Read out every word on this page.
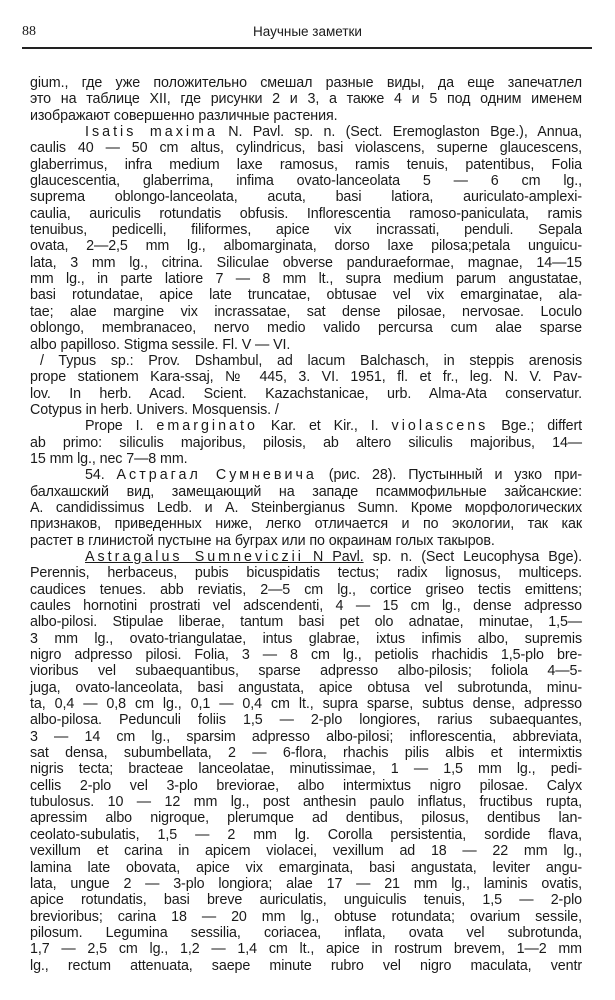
88	Научные заметки
gium., где уже положительно смешал разные виды, да еще запечатлел
это на таблице XII, где рисунки 2 и 3, а также 4 и 5 под одним именем
изображают совершенно различные растения.
Isatis maxima N. Pavl. sp. n. (Sect. Eremoglaston Bge.), Annua,
caulis 40 — 50 cm altus, cylindricus, basi violascens, superne glaucescens,
glaberrimus, infra medium laxe ramosus, ramis tenuis, patentibus, Folia
glaucescentia, glaberrima, infima ovato-lanceolata 5 — 6 cm lg.,
suprema oblongo-lanceolata, acuta, basi latiora, auriculato-amplexi-
caulia, auriculis rotundatis obfusis. Inflorescentia ramoso-paniculata, ramis
tenuibus, pedicelli, filiformes, apice vix incrassati, penduli. Sepala
ovata, 2—2,5 mm lg., albomarginata, dorso laxe pilosa;petala unguicu-
lata, 3 mm lg., citrina. Siliculae obverse panduraeformae, magnae, 14—15
mm lg., in parte latiore 7 — 8 mm lt., supra medium parum angustatae,
basi rotundatae, apice late truncatae, obtusae vel vix emarginatae, ala-
tae; alae margine vix incrassatae, sat dense pilosae, nervosae. Loculo
oblongo, membranaceo, nervo medio valido percursa cum alae sparse
albo papilloso. Stigma sessile. Fl. V — VI.
/ Typus sp.: Prov. Dshambul, ad lacum Balchasch, in steppis arenosis
prope stationem Kara-ssaj, № 445, 3. VI. 1951, fl. et fr., leg. N. V. Pav-
lov. In herb. Acad. Scient. Kazachstanicae, urb. Alma-Ata conservatur.
Cotypus in herb. Univers. Mosquensis. /
Prope I. emarginato Kar. et Kir., I. violascens Bge.; differt
ab primo: siliculis majoribus, pilosis, ab altero siliculis majoribus, 14—
15 mm lg., nec 7—8 mm.
54. Астрагал Сумневича (рис. 28). Пустынный и узко при-
балхашский вид, замещающий на западе псаммофильные зайсанские:
A. candidissimus Ledb. и A. Steinbergianus Sumn. Кроме морфологических
признаков, приведенных ниже, легко отличается и по экологии, так как
растет в глинистой пустыне на буграх или по окраинам голых такыров.
Astragalus Sumneviczii N Pavl. sp. n. (Sect Leucophysa Bge).
Perennis, herbaceus, pubis bicuspidatis tectus; radix lignosus, multiceps.
caudices tenues. abb reviatis, 2—5 cm lg., cortice griseo tectis emittens;
caules hornotini prostrati vel adscendenti, 4 — 15 cm lg., dense adpresso
albo-pilosi. Stipulae liberae, tantum basi pet olo adnatae, minutae, 1,5—
3 mm lg., ovato-triangulatae, intus glabrae, ixtus infimis albo, supremis
nigro adpresso pilosi. Folia, 3 — 8 cm lg., petiolis rhachidis 1,5-plo bre-
vioribus vel subaequantibus, sparse adpresso albo-pilosis; foliola 4—5-
juga, ovato-lanceolata, basi angustata, apice obtusa vel subrotunda, minu-
ta, 0,4 — 0,8 cm lg., 0,1 — 0,4 cm lt., supra sparse, subtus dense, adpresso
albo-pilosa. Pedunculi foliis 1,5 — 2-plo longiores, rarius subaequantes,
3 — 14 cm lg., sparsim adpresso albo-pilosi; inflorescentia, abbreviata,
sat densa, subumbellata, 2 — 6-flora, rhachis pilis albis et intermixtis
nigris tecta; bracteae lanceolatae, minutissimae, 1 — 1,5 mm lg., pedi-
cellis 2-plo vel 3-plo breviorae, albo intermixtus nigro pilosae. Calyx
tubulosus. 10 — 12 mm lg., post anthesin paulo inflatus, fructibus rupta,
apressim albo nigroque, plerumque ad dentibus, pilosus, dentibus lan-
ceolato-subulatis, 1,5 — 2 mm lg. Corolla persistentia, sordide flava,
vexillum et carina in apicem violacei, vexillum ad 18 — 22 mm lg.,
lamina late obovata, apice vix emarginata, basi angustata, leviter angu-
lata, ungue 2 — 3-plo longiora; alae 17 — 21 mm lg., laminis ovatis,
apice rotundatis, basi breve auriculatis, unguiculis tenuis, 1,5 — 2-plo
brevioribus; carina 18 — 20 mm lg., obtuse rotundata; ovarium sessile,
pilosum. Legumina sessilia, coriacea, inflata, ovata vel subrotunda,
1,7 — 2,5 cm lg., 1,2 — 1,4 cm lt., apice in rostrum brevem, 1—2 mm
lg., rectum attenuata, saepe minute rubro vel nigro maculata, ventr
